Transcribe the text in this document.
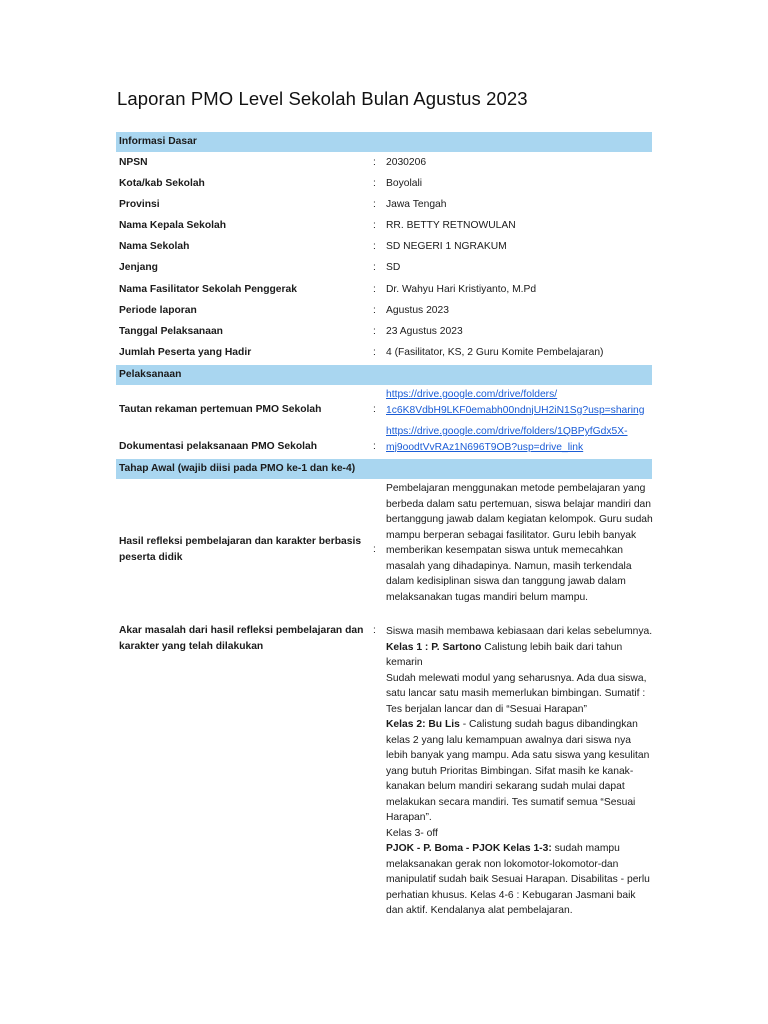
Laporan PMO Level Sekolah Bulan Agustus 2023
Informasi Dasar
NPSN	: 2030206
Kota/kab Sekolah	: Boyolali
Provinsi	: Jawa Tengah
Nama Kepala Sekolah	: RR. BETTY RETNOWULAN
Nama Sekolah	: SD NEGERI 1 NGRAKUM
Jenjang	: SD
Nama Fasilitator Sekolah Penggerak	: Dr. Wahyu Hari Kristiyanto, M.Pd
Periode laporan	: Agustus 2023
Tanggal Pelaksanaan	: 23 Agustus 2023
Jumlah Peserta yang Hadir	: 4 (Fasilitator, KS, 2 Guru Komite Pembelajaran)
Pelaksanaan
Tautan rekaman pertemuan PMO Sekolah	:
https://drive.google.com/drive/folders/
1c6K8VdbH9LKF0emabh00ndnjUH2iN1Sg?usp=sharing
Dokumentasi pelaksanaan PMO Sekolah	:
https://drive.google.com/drive/folders/1QBPyfGdx5X-
mj9oodtVvRAz1N696T9OB?usp=drive_link
Tahap Awal (wajib diisi pada PMO ke-1 dan ke-4)
Hasil refleksi pembelajaran dan karakter berbasis peserta didik
:
Pembelajaran menggunakan metode pembelajaran yang berbeda dalam satu pertemuan, siswa belajar mandiri dan bertanggung jawab dalam kegiatan kelompok. Guru sudah mampu berperan sebagai fasilitator. Guru lebih banyak memberikan kesempatan siswa untuk memecahkan masalah yang dihadapinya. Namun, masih terkendala dalam kedisiplinan siswa dan tanggung jawab dalam melaksanakan tugas mandiri belum mampu.
Akar masalah dari hasil refleksi pembelajaran dan karakter yang telah dilakukan
: Siswa masih membawa kebiasaan dari kelas sebelumnya.
Kelas 1 : P. Sartono Calistung lebih baik dari tahun kemarin
Sudah melewati modul yang seharusnya. Ada dua siswa, satu lancar satu masih memerlukan bimbingan. Sumatif : Tes berjalan lancar dan di “Sesuai Harapan”
Kelas 2: Bu Lis - Calistung sudah bagus dibandingkan kelas 2 yang lalu kemampuan awalnya dari siswa nya lebih banyak yang mampu. Ada satu siswa yang kesulitan yang butuh Prioritas Bimbingan. Sifat masih ke kanak-kanakan belum mandiri sekarang sudah mulai dapat melakukan secara mandiri. Tes sumatif semua “Sesuai Harapan”.
Kelas 3- off
PJOK - P. Boma - PJOK Kelas 1-3: sudah mampu melaksanakan gerak non lokomotor-lokomotor-dan manipulatif sudah baik Sesuai Harapan. Disabilitas - perlu perhatian khusus. Kelas 4-6 : Kebugaran Jasmani baik dan aktif. Kendalanya alat pembelajaran.
